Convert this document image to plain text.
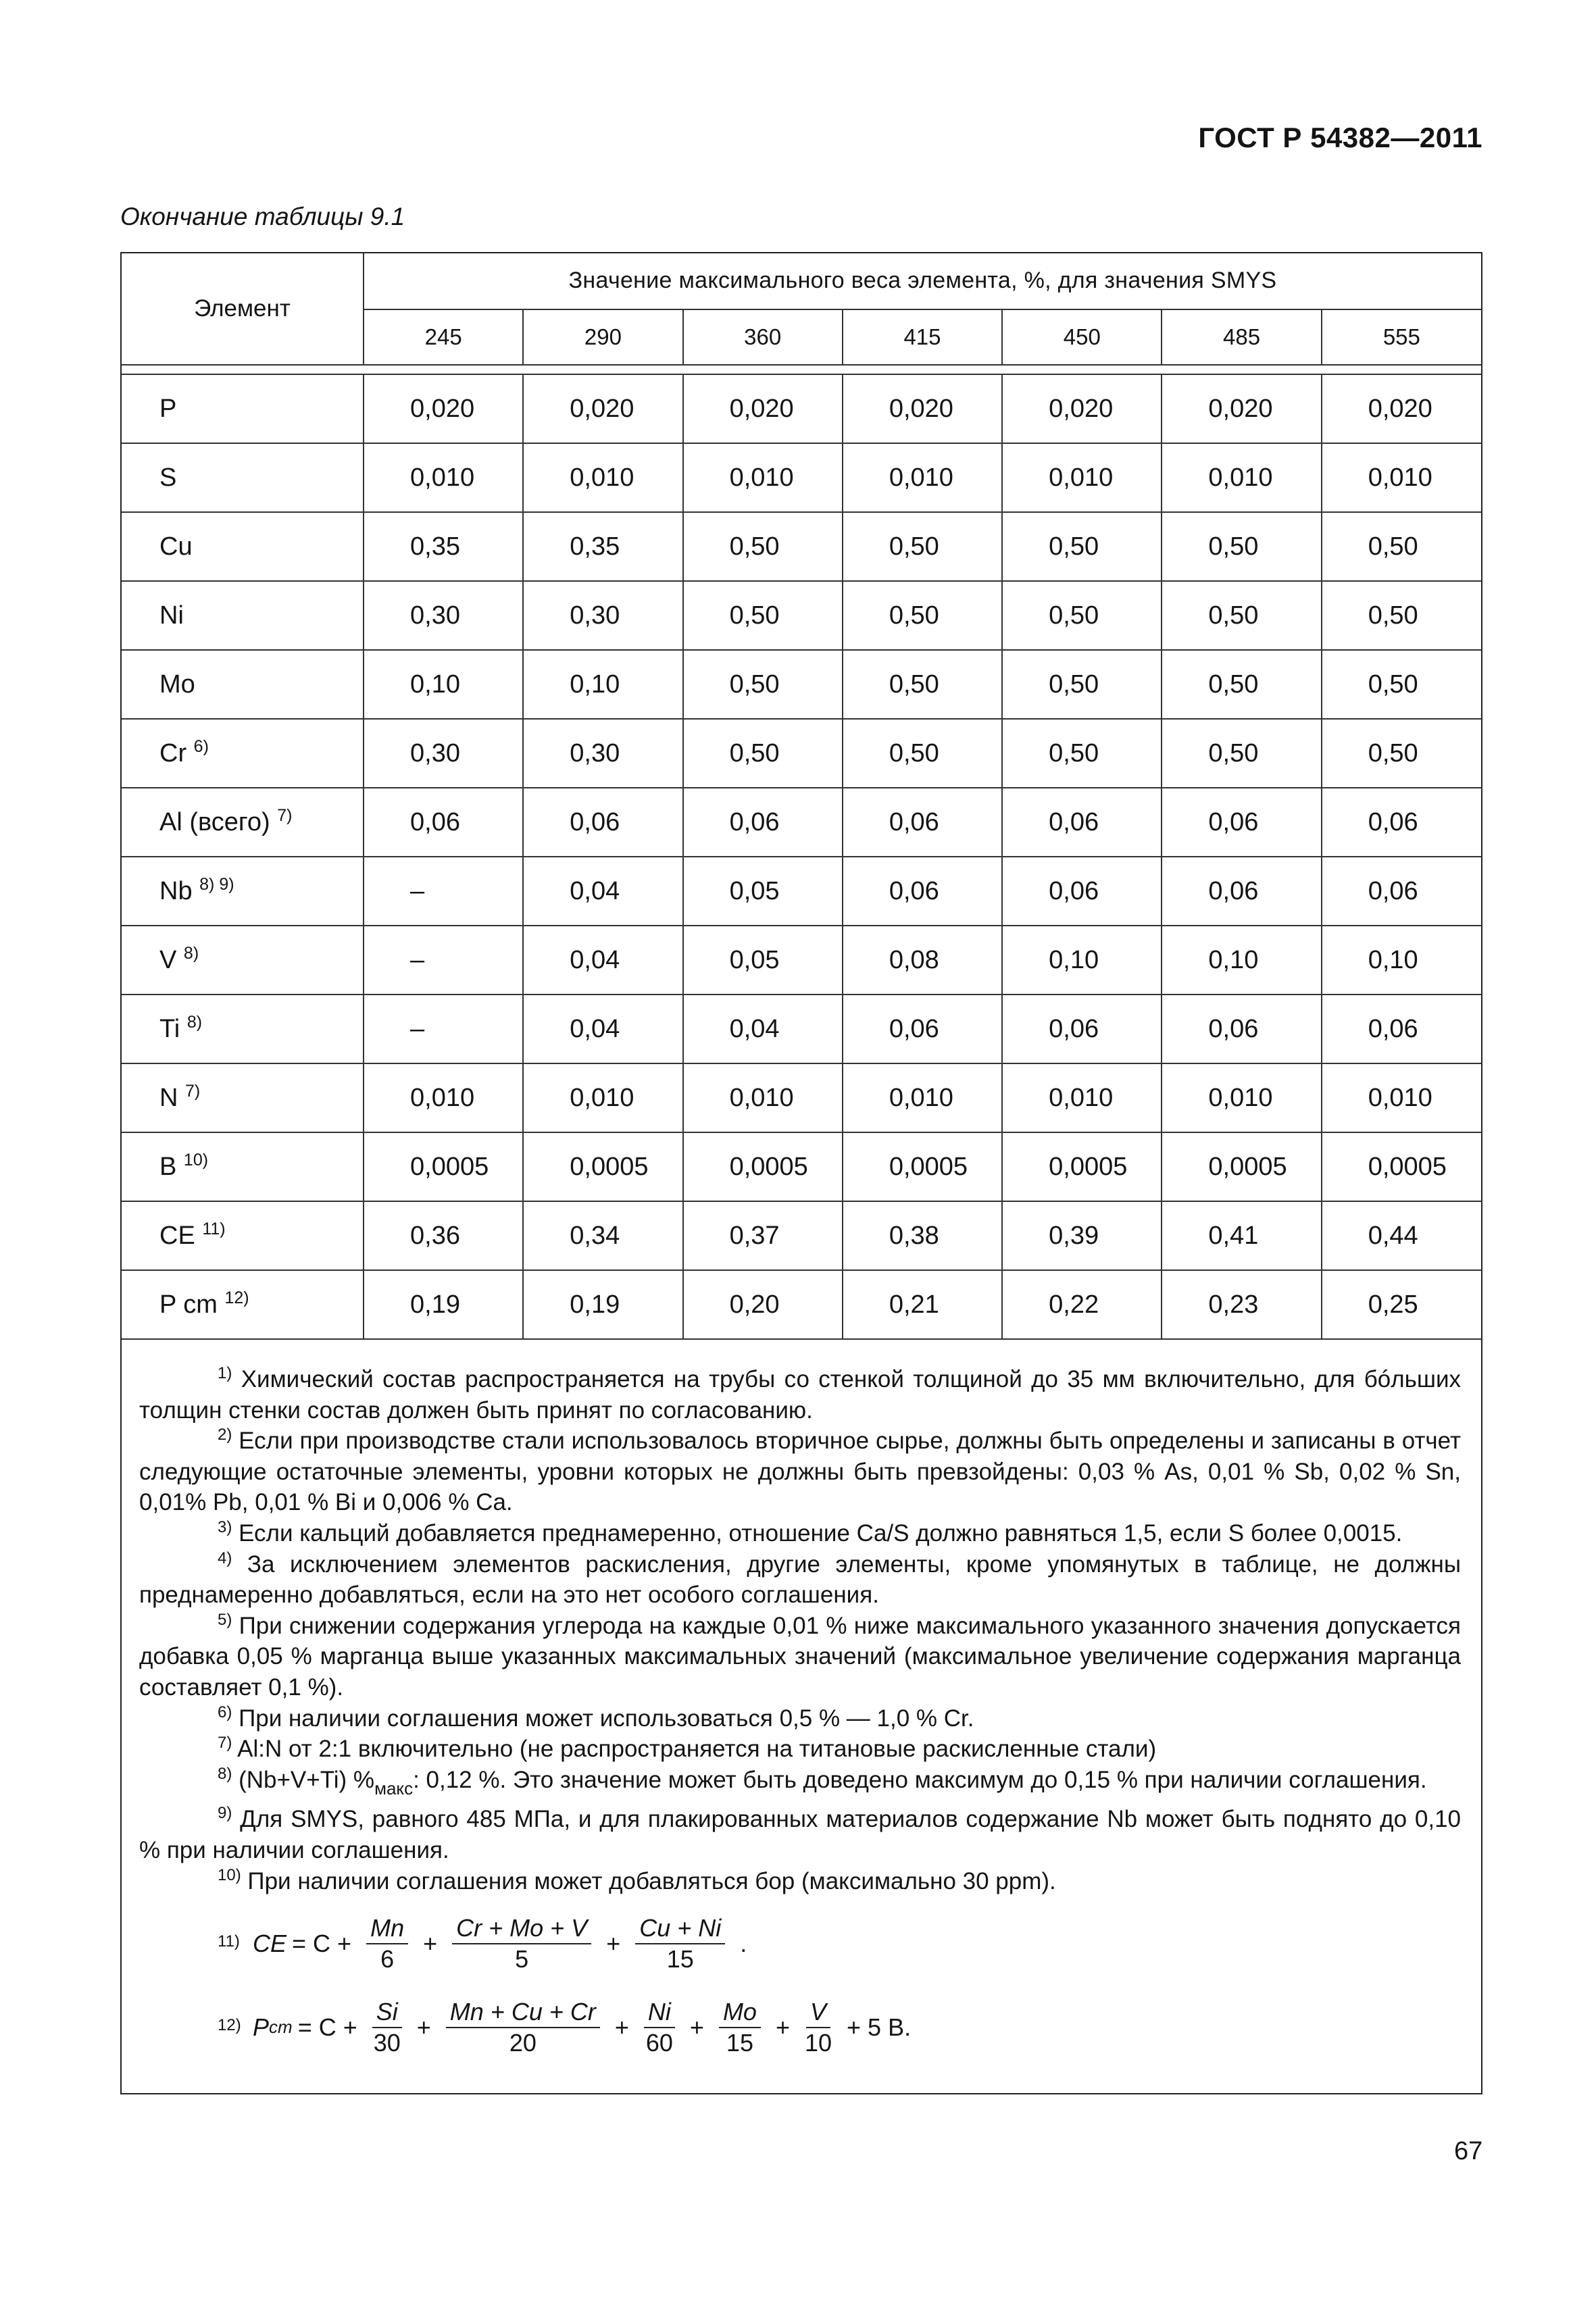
ГОСТ Р 54382—2011
Окончание таблицы 9.1
Элемент	Значение максимального веса элемента, %, для значения SMYS						
	245	290	360	415	450	485	555

P	0,020	0,020	0,020	0,020	0,020	0,020	0,020
S	0,010	0,010	0,010	0,010	0,010	0,010	0,010
Cu	0,35	0,35	0,50	0,50	0,50	0,50	0,50
Ni	0,30	0,30	0,50	0,50	0,50	0,50	0,50
Mo	0,10	0,10	0,50	0,50	0,50	0,50	0,50
Cr $^{6)}$	0,30	0,30	0,50	0,50	0,50	0,50	0,50
Al (всего) $^{7)}$	0,06	0,06	0,06	0,06	0,06	0,06	0,06
Nb $^{8) 9)}$	–	0,04	0,05	0,06	0,06	0,06	0,06
V $^{8)}$	–	0,04	0,05	0,08	0,10	0,10	0,10
Ti $^{8)}$	–	0,04	0,04	0,06	0,06	0,06	0,06
N $^{7)}$	0,010	0,010	0,010	0,010	0,010	0,010	0,010
B $^{10)}$	0,0005	0,0005	0,0005	0,0005	0,0005	0,0005	0,0005
CE $^{11)}$	0,36	0,34	0,37	0,38	0,39	0,41	0,44
P cm $^{12)}$	0,19	0,19	0,20	0,21	0,22	0,23	0,25

$^{1)}$ Химический состав распространяется на трубы со стенкой толщиной до 35 мм включительно, для бóльших толщин стенки состав должен быть принят по согласованию.

$^{2)}$ Если при производстве стали использовалось вторичное сырье, должны быть определены и записаны в отчет следующие остаточные элементы, уровни которых не должны быть превзойдены: 0,03 % As, 0,01 % Sb, 0,02 % Sn, 0,01% Pb, 0,01 % Bi и 0,006 % Ca.

$^{3)}$ Если кальций добавляется преднамеренно, отношение Ca/S должно равняться 1,5, если S более 0,0015.

$^{4)}$ За исключением элементов раскисления, другие элементы, кроме упомянутых в таблице, не должны преднамеренно добавляться, если на это нет особого соглашения.

$^{5)}$ При снижении содержания углерода на каждые 0,01 % ниже максимального указанного значения допускается добавка 0,05 % марганца выше указанных максимальных значений (максимальное увеличение содержания марганца составляет 0,1 %).

$^{6)}$ При наличии соглашения может использоваться 0,5 % — 1,0 % Cr.

$^{7)}$ Al:N от 2:1 включительно (не распространяется на титановые раскисленные стали)

$^{8)}$ (Nb+V+Ti) $\%_{макс}$: 0,12 %. Это значение может быть доведено максимум до 0,15 % при наличии соглашения.

$^{9)}$ Для SMYS, равного 485 МПа, и для плакированных материалов содержание Nb может быть поднято до 0,10 % при наличии соглашения.

$^{10)}$ При наличии соглашения может добавляться бор (максимально 30 ppm).

11) CE = $C + \frac{Mn}{6} + \frac{Cr + Mo + V}{5} + \frac{Cu + Ni}{15}$ .
12) P cm = $C + \frac{Si}{30} + \frac{Mn + Cu + Cr}{20} + \frac{Ni}{60} + \frac{Mo}{15} + \frac{V}{10} + 5$ B.
67
